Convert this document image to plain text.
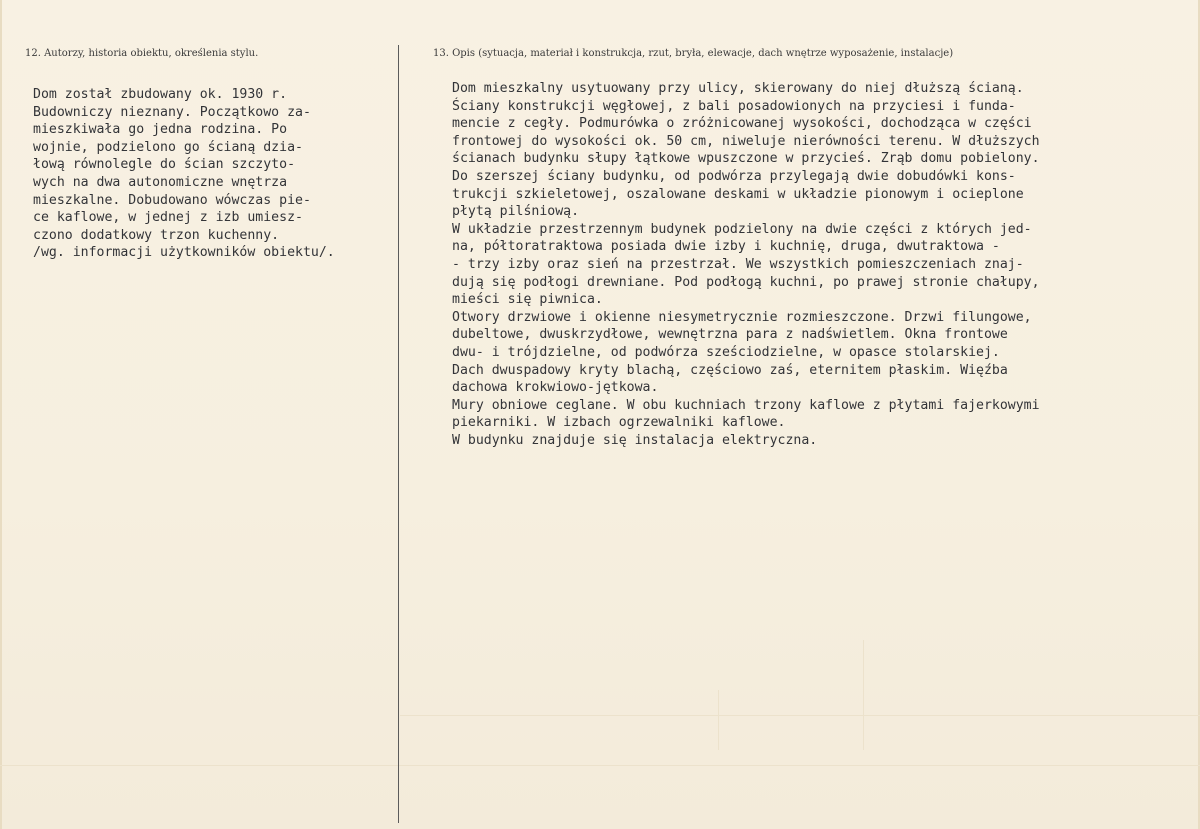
12. Autorzy, historia obiektu, określenia stylu.	13. Opis (sytuacja, materiał i konstrukcja, rzut, bryła, elewacje, dach wnętrze wyposażenie, instalacje)
Dom został zbudowany ok. 1930 r.
Budowniczy nieznany. Początkowo za-
mieszkiwała go jedna rodzina. Po
wojnie, podzielono go ścianą dzia-
łową równolegle do ścian szczyto-
wych na dwa autonomiczne wnętrza
mieszkalne. Dobudowano wówczas pie-
ce kaflowe, w jednej z izb umiesz-
czono dodatkowy trzon kuchenny.
/wg. informacji użytkowników obiektu/.
Dom mieszkalny usytuowany przy ulicy, skierowany do niej dłuższą ścianą.
Ściany konstrukcji węgłowej, z bali posadowionych na przyciesi i funda-
mencie z cegły. Podmurówka o zróżnicowanej wysokości, dochodząca w części
frontowej do wysokości ok. 50 cm, niweluje nierówności terenu. W dłuższych
ścianach budynku słupy łątkowe wpuszczone w przycieś. Zrąb domu pobielony.
Do szerszej ściany budynku, od podwórza przylegają dwie dobudówki kons-
trukcji szkieletowej, oszalowane deskami w układzie pionowym i ocieplone
płytą pilśniową.
W układzie przestrzennym budynek podzielony na dwie części z których jed-
na, półtoratraktowa posiada dwie izby i kuchnię, druga, dwutraktowa -
- trzy izby oraz sień na przestrzał. We wszystkich pomieszczeniach znaj-
dują się podłogi drewniane. Pod podłogą kuchni, po prawej stronie chałupy,
mieści się piwnica.
Otwory drzwiowe i okienne niesymetrycznie rozmieszczone. Drzwi filungowe,
dubeltowe, dwuskrzydłowe, wewnętrzna para z nadświetlem. Okna frontowe
dwu- i trójdzielne, od podwórza sześciodzielne, w opasce stolarskiej.
Dach dwuspadowy kryty blachą, częściowo zaś, eternitem płaskim. Więźba
dachowa krokwiowo-jętkowa.
Mury obniowe ceglane. W obu kuchniach trzony kaflowe z płytami fajerkowymi
piekarniki. W izbach ogrzewalniki kaflowe.
W budynku znajduje się instalacja elektryczna.
